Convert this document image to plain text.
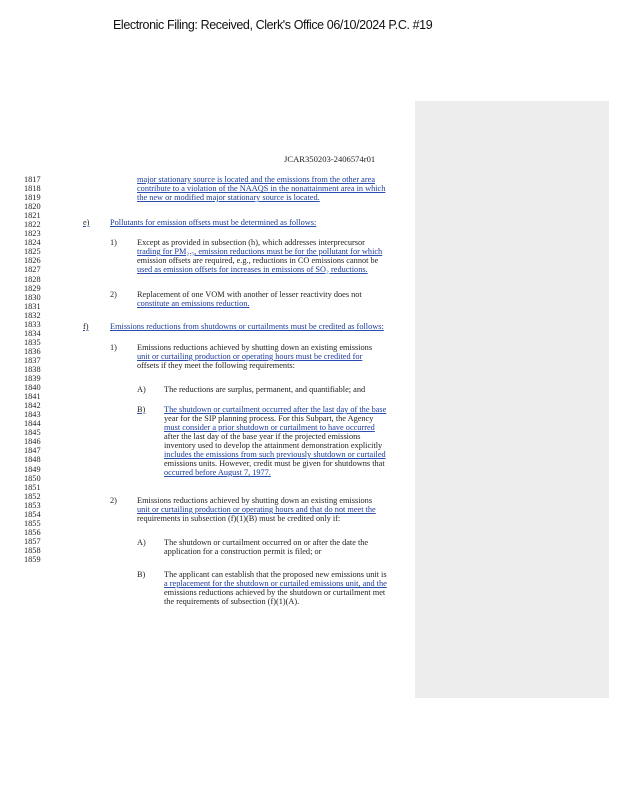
Electronic Filing: Received, Clerk's Office 06/10/2024 P.C. #19
JCAR350203-2406574r01
1817
1818
1819
1820
1821
1822
1823
1824
1825
1826
1827
1828
1829
1830
1831
1832
1833
1834
1835
1836
1837
1838
1839
1840
1841
1842
1843
1844
1845
1846
1847
1848
1849
1850
1851
1852
1853
1854
1855
1856
1857
1858
1859
major stationary source is located and the emissions from the other area
contribute to a violation of the NAAQS in the nonattainment area in which
the new or modified major stationary source is located.
e) Pollutants for emission offsets must be determined as follows:
1) Except as provided in subsection (h), which addresses interprecursor
trading for PM₂.₅, emission reductions must be for the pollutant for which
emission offsets are required, e.g., reductions in CO emissions cannot be
used as emission offsets for increases in emissions of SO₂ reductions.
2) Replacement of one VOM with another of lesser reactivity does not
constitute an emissions reduction.
f)	Emissions reductions from shutdowns or curtailments must be credited as follows:
1) Emissions reductions achieved by shutting down an existing emissions
unit or curtailing production or operating hours must be credited for
offsets if they meet the following requirements:
A) The reductions are surplus, permanent, and quantifiable; and
B) The shutdown or curtailment occurred after the last day of the base
year for the SIP planning process. For this Subpart, the Agency
must consider a prior shutdown or curtailment to have occurred
after the last day of the base year if the projected emissions
inventory used to develop the attainment demonstration explicitly
includes the emissions from such previously shutdown or curtailed
emissions units. However, credit must be given for shutdowns that
occurred before August 7, 1977.
2) Emissions reductions achieved by shutting down an existing emissions
unit or curtailing production or operating hours and that do not meet the
requirements in subsection (f)(1)(B) must be credited only if:
A) The shutdown or curtailment occurred on or after the date the
application for a construction permit is filed; or
B) The applicant can establish that the proposed new emissions unit is
a replacement for the shutdown or curtailed emissions unit, and the
emissions reductions achieved by the shutdown or curtailment met
the requirements of subsection (f)(1)(A).
